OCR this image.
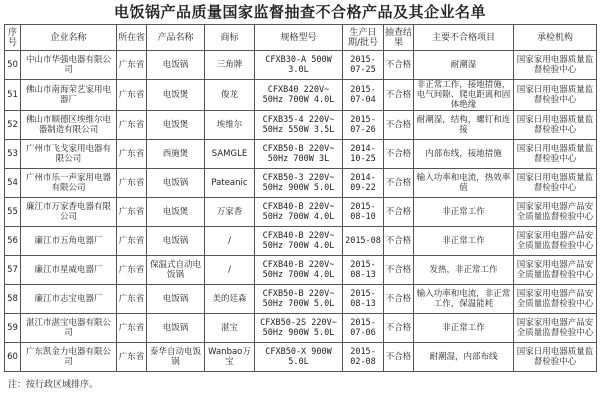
电饭锅产品质量国家监督抽查不合格产品及其企业名单
序号	企业名称	所在省	产品名称	商标	规格型号	生产日期/批号	抽查结果	主要不合格项目	承检机构
50	中山市华强电器有限公司	广东省	电饭锅	三角牌	CFXB30-A 500W 3.0L	2015-07-25	不合格	耐潮湿	国家家用电器质量监督检验中心
51	佛山市南海荣艺家用电器厂	广东省	电饭煲	俊龙	CFXB40 220V~ 50Hz 700W 4.0L	2015-07-04	不合格	非正常工作，接地措施，电气间隙、爬电距离和固体绝缘	国家日用电器质量监督检验中心
52	佛山市顺德区埃维尔电器制造有限公司	广东省	电饭煲	埃维尔	CFXB35-4 220V~ 50Hz 550W 3.5L	2015-07-26	不合格	耐潮湿，结构，螺钉和连接	国家日用电器质量监督检验中心
53	广州市飞戈家用电器有限公司	广东省	西施煲	SAMGLE	CFXB50-B 220V~ 50Hz 700W 3L	2014-10-25	不合格	内部布线，接地措施	国家日用电器质量监督检验中心
54	广州市乐一声家用电器有限公司	广东省	电饭锅	Pateanic	CFXB50-3 220V~ 50Hz 900W 5.0L	2014-09-22	不合格	输入功率和电流，热效率值	国家日用电器质量监督检验中心
55	廉江市万家香电器有限公司	广东省	电饭煲	万家香	CFXB40-B 220V~ 50Hz 700W 4.0L	2015-08-10	不合格	非正常工作	国家家用电器产品安全质量监督检验中心
56	廉江市五角电器厂	广东省	电饭锅	/	CFXB40-B 220V~ 50Hz 700W 4.0L	2015-08	不合格	非正常工作	国家家用电器产品安全质量监督检验中心
57	廉江市星威电器厂	广东省	保温式自动电饭锅	/	CFXB40-B 220V~ 50Hz 700W 4.0L	2015-08-13	不合格	发热，非正常工作	国家家用电器产品安全质量监督检验中心
58	廉江市志宝电器厂	广东省	电饭锅	美的廷森	CFXB50-B 220V~ 50Hz 700W 5.0L	2015-08-13	不合格	输入功率和电流，非正常工作，保温能耗	国家家用电器产品安全质量监督检验中心
59	湛江市湛宝电器有限公司	广东省	电饭锅	湛宝	CFXB50-2S 220V~ 50Hz 900W 5.0L	2015-07-06	不合格	非正常工作	国家家用电器产品安全质量监督检验中心
60	广东凯金力电器有限公司	广东省	泰华自动电饭锅	Wanbao万宝	CFXB50-X 900W 5.0L	2015-02-08	不合格	耐潮湿，内部布线	国家日用电器质量监督检验中心
注：按行政区域排序。
